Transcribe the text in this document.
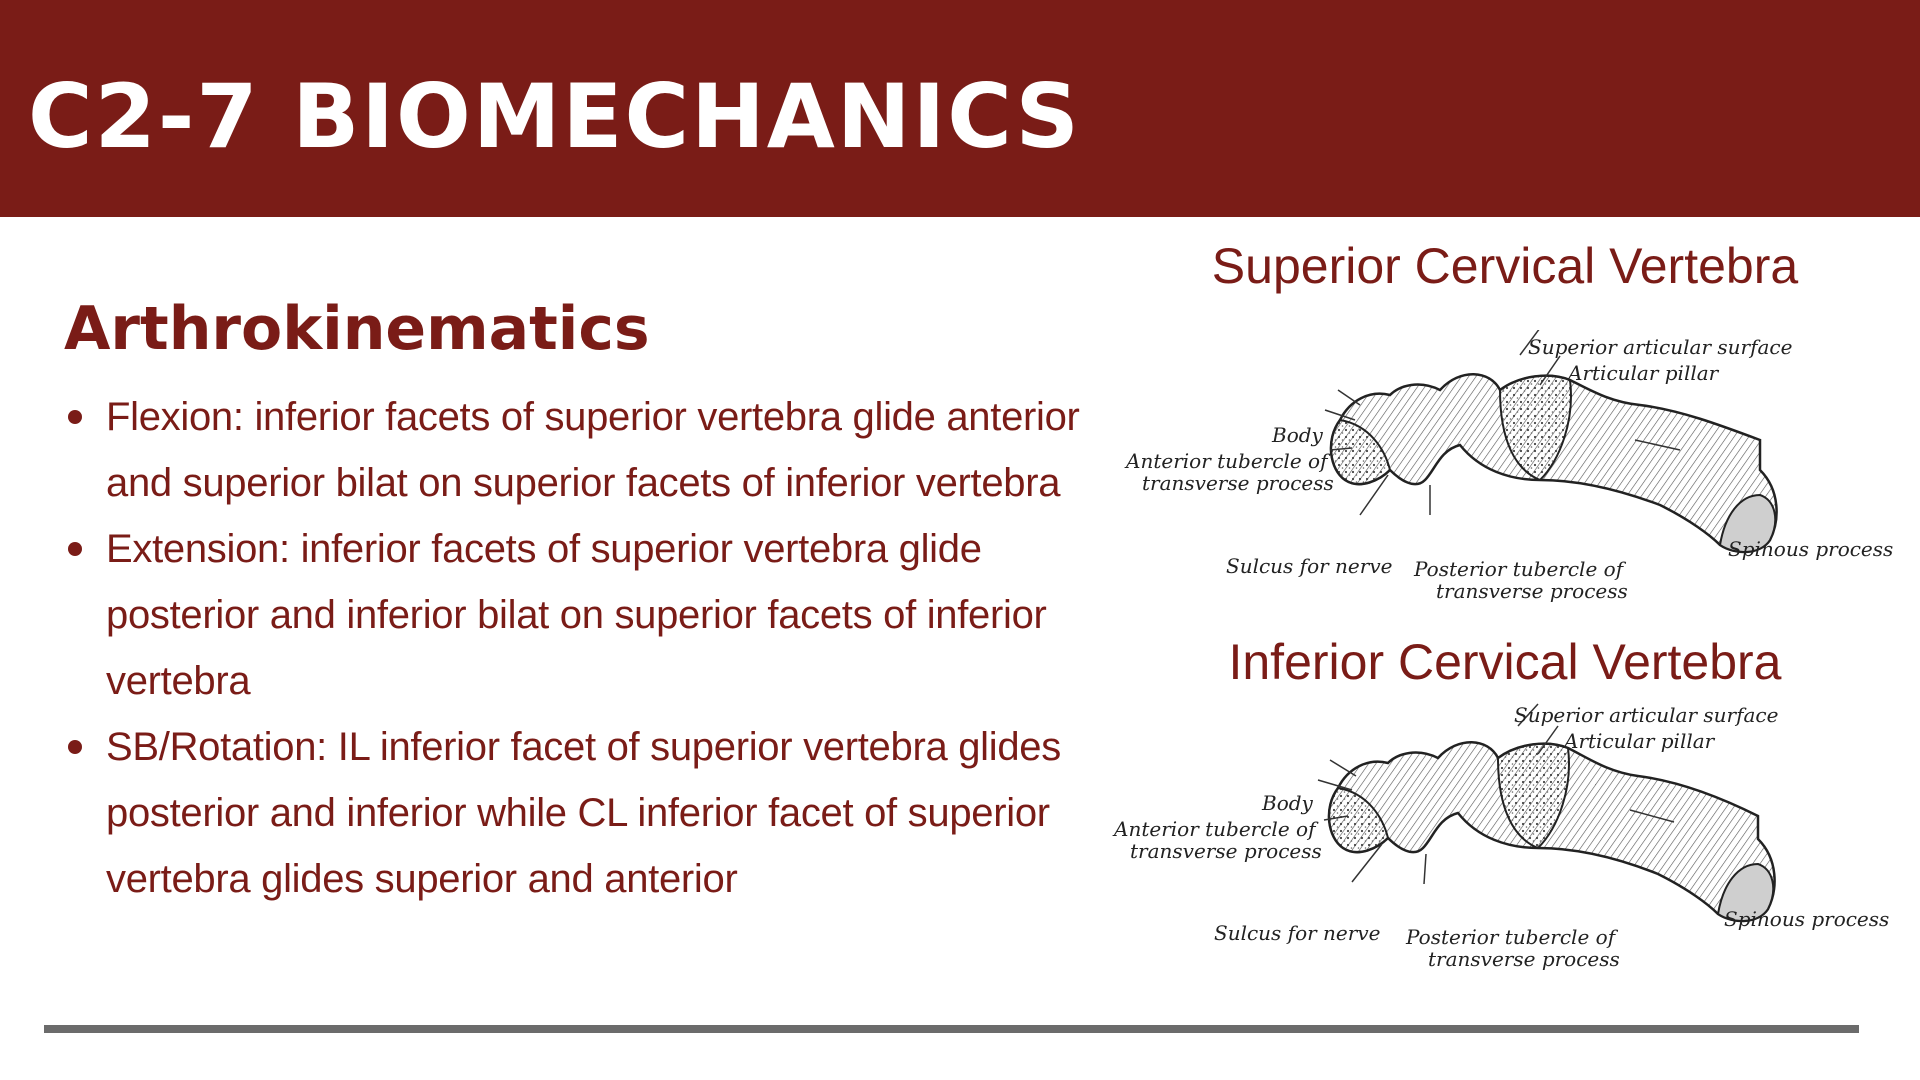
C2-7 BIOMECHANICS
Arthrokinematics
Flexion: inferior facets of superior vertebra glide anterior and superior bilat on superior facets of inferior vertebra
Extension: inferior facets of superior vertebra glide posterior and inferior bilat on superior facets of inferior vertebra
SB/Rotation: IL inferior facet of superior vertebra glides posterior and inferior while CL inferior facet of superior vertebra glides superior and anterior
Superior Cervical Vertebra
Superior articular surface
Articular pillar
Body
Anterior tubercle of
transverse process
Sulcus for nerve Posterior tubercle of
transverse process
Spinous process
Inferior Cervical Vertebra
Superior articular surface
Articular pillar
Body
Anterior tubercle of
transverse process
Sulcus for nerve Posterior tubercle of
transverse process
Spinous process
